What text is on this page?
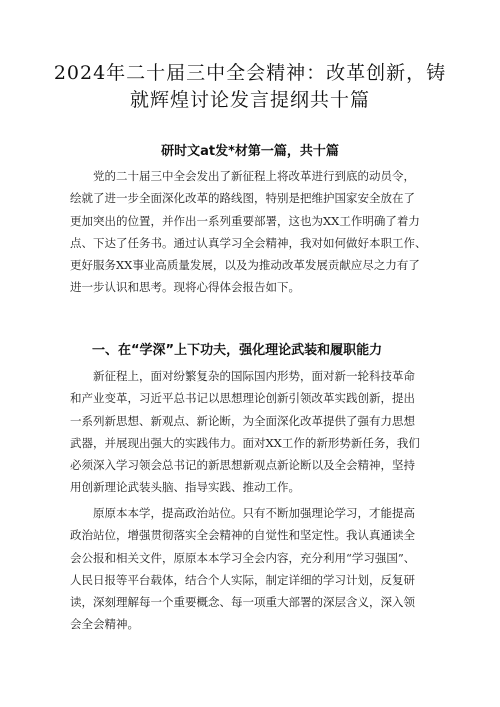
2024年二十届三中全会精神：改革创新，铸
就辉煌讨论发言提纲共十篇
研时文at发*材第一篇，共十篇
党的二十届三中全会发出了新征程上将改革进行到底的动员令，
绘就了进一步全面深化改革的路线图，特别是把维护国家安全放在了
更加突出的位置，并作出一系列重要部署，这也为XX工作明确了着力
点、下达了任务书。通过认真学习全会精神，我对如何做好本职工作、
更好服务XX事业高质量发展，以及为推动改革发展贡献应尽之力有了
进一步认识和思考。现将心得体会报告如下。
一、在“学深”上下功夫，强化理论武装和履职能力
新征程上，面对纷繁复杂的国际国内形势，面对新一轮科技革命
和产业变革，习近平总书记以思想理论创新引领改革实践创新，提出
一系列新思想、新观点、新论断，为全面深化改革提供了强有力思想
武器，并展现出强大的实践伟力。面对XX工作的新形势新任务，我们
必须深入学习领会总书记的新思想新观点新论断以及全会精神，坚持
用创新理论武装头脑、指导实践、推动工作。
原原本本学，提高政治站位。只有不断加强理论学习，才能提高
政治站位，增强贯彻落实全会精神的自觉性和坚定性。我认真通读全
会公报和相关文件，原原本本学习全会内容，充分利用“学习强国”、
人民日报等平台载体，结合个人实际，制定详细的学习计划，反复研
读，深刻理解每一个重要概念、每一项重大部署的深层含义，深入领
会全会精神。
